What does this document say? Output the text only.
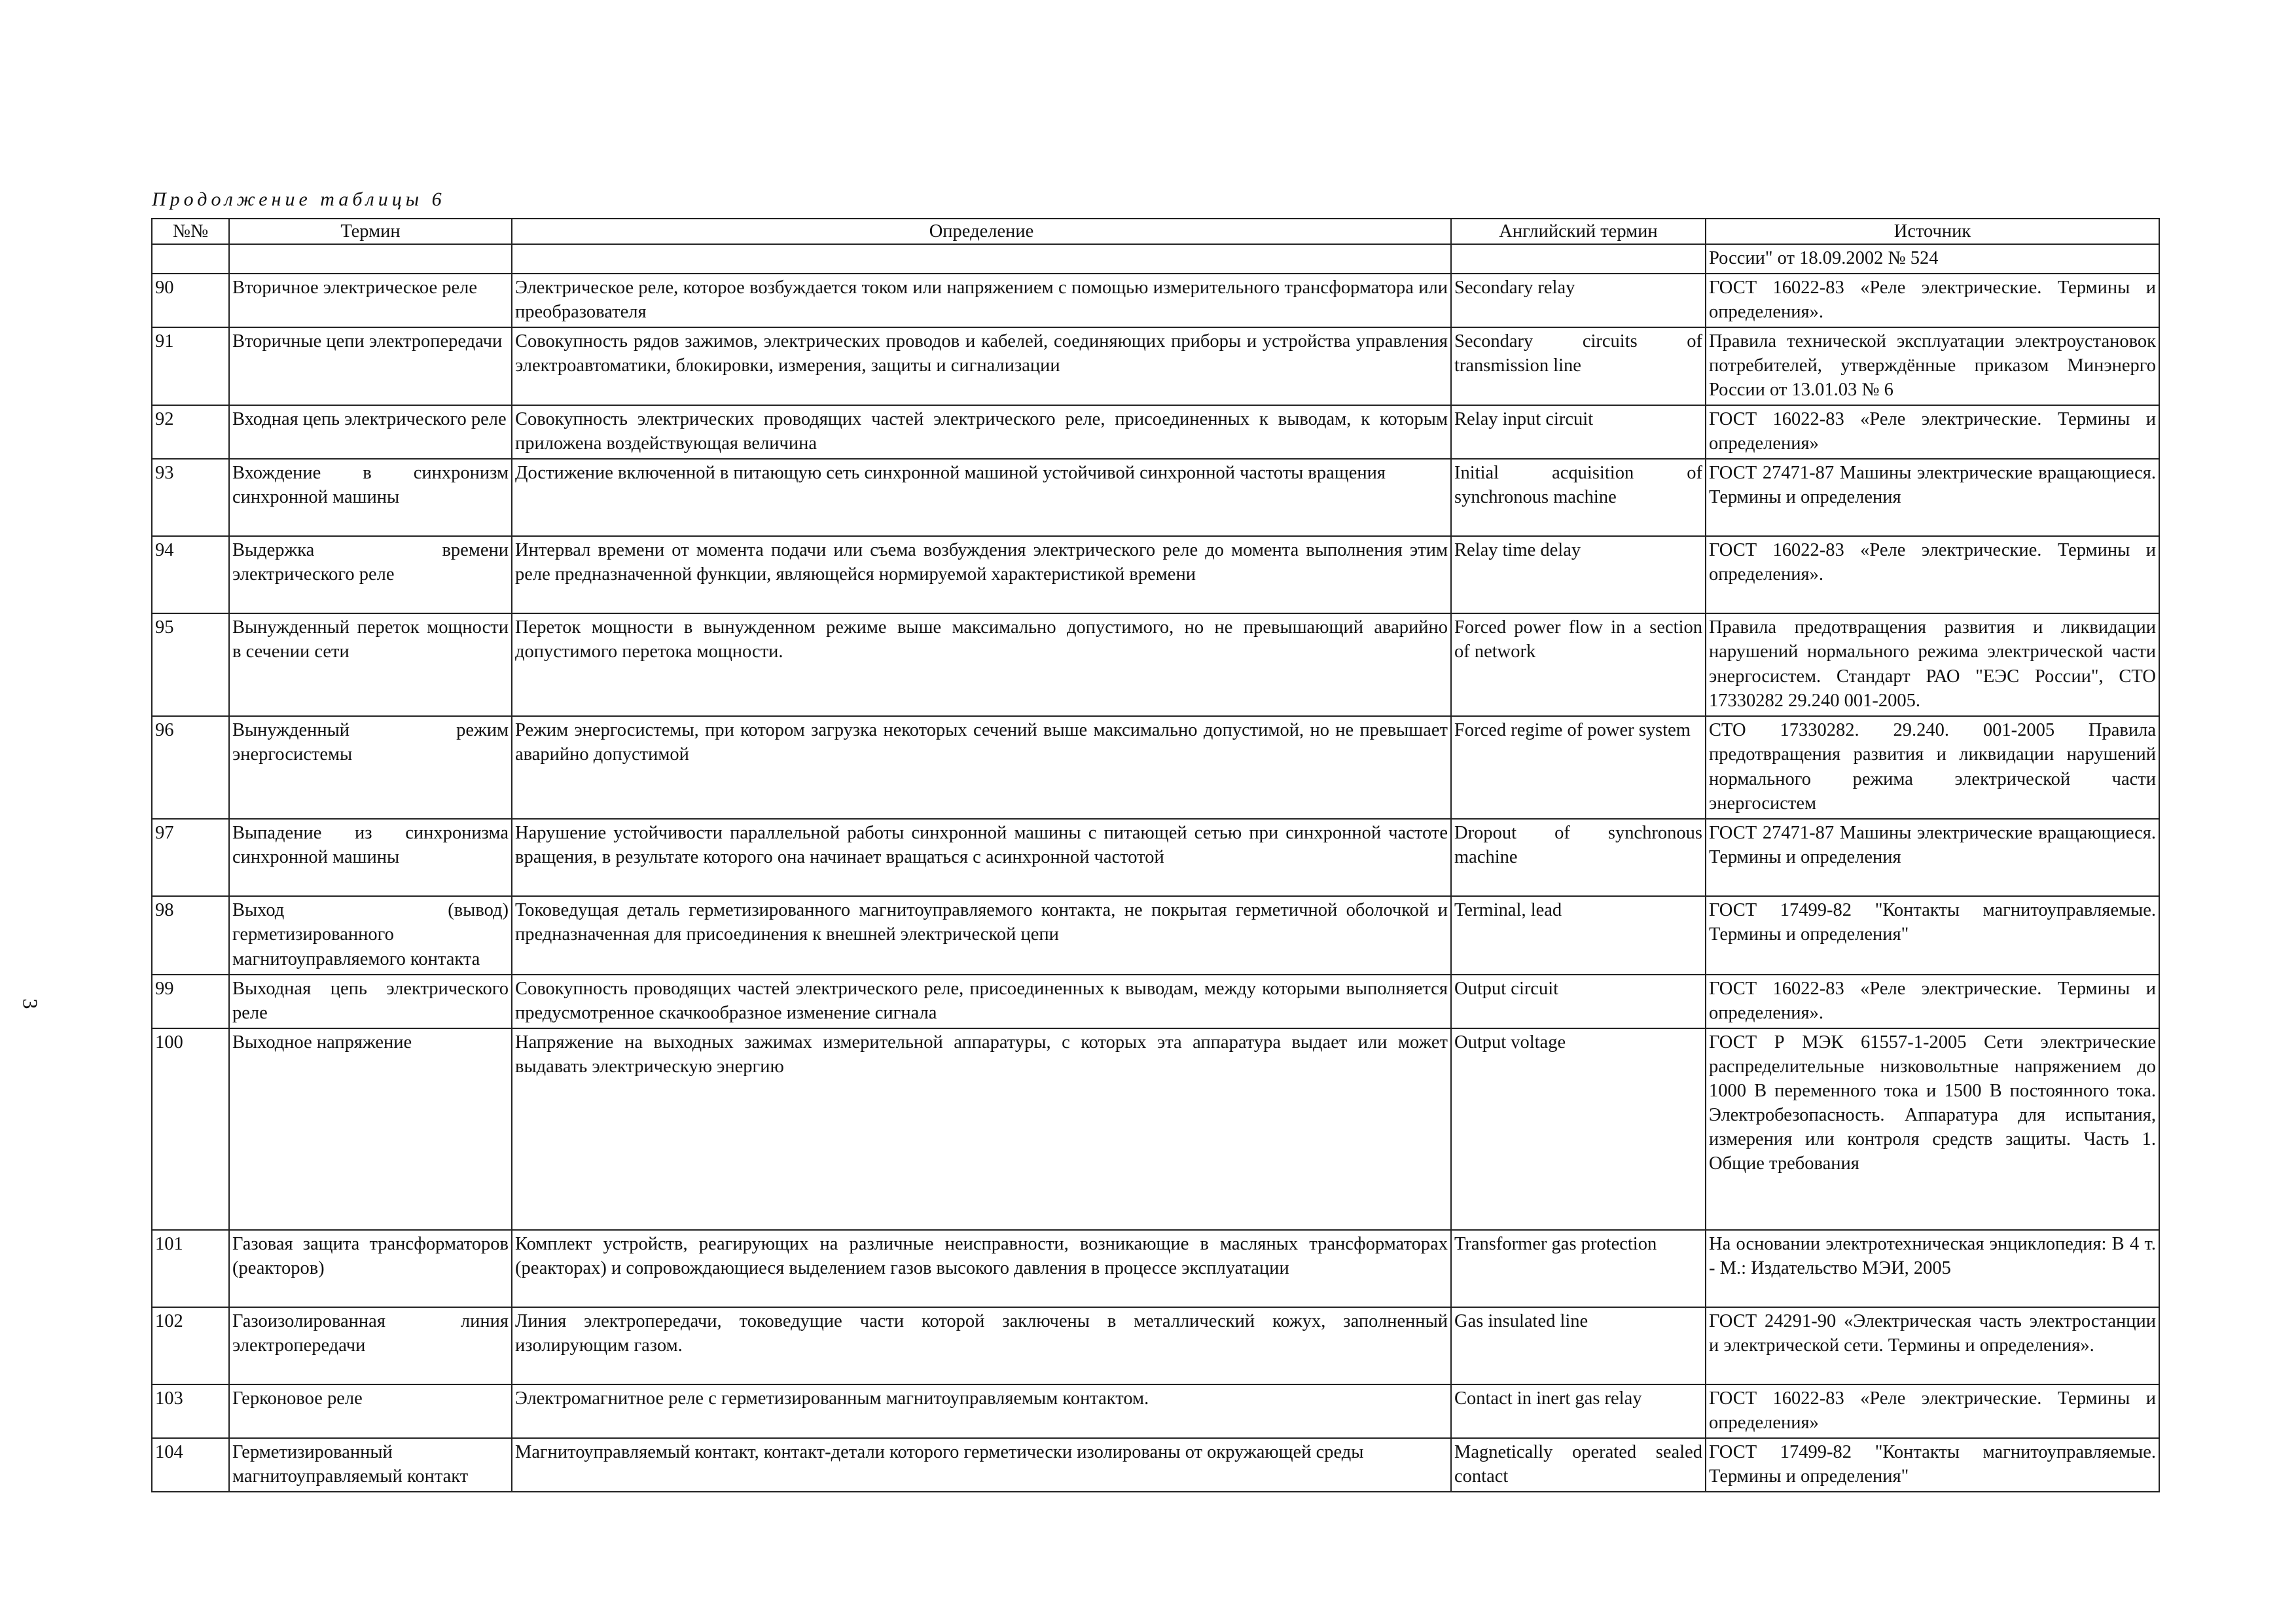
Продолжение таблицы 6
3
№№	Термин	Определение	Английский термин	Источник
				России" от 18.09.2002 № 524
90	Вторичное электрическое реле	Электрическое реле, которое возбуждается током или напряжением с помощью измерительного трансформатора или преобразователя	Secondary relay	ГОСТ 16022-83 «Реле электрические. Термины и определения».
91	Вторичные цепи электропередачи	Совокупность рядов зажимов, электрических проводов и кабелей, соединяющих приборы и устройства управления электроавтоматики, блокировки, измерения, защиты и сигнализации	Secondary circuits of transmission line	Правила технической эксплуатации электроустановок потребителей, утверждённые приказом Минэнерго России от 13.01.03 № 6
92	Входная цепь электрического реле	Совокупность электрических проводящих частей электрического реле, присоединенных к выводам, к которым приложена воздействующая величина	Relay input circuit	ГОСТ 16022-83 «Реле электрические. Термины и определения»
93	Вхождение в синхронизм синхронной машины	Достижение включенной в питающую сеть синхронной машиной устойчивой синхронной частоты вращения	Initial acquisition of synchronous machine	ГОСТ 27471-87 Машины электрические вращающиеся. Термины и определения
94	Выдержка времени электрического реле	Интервал времени от момента подачи или съема возбуждения электрического реле до момента выполнения этим реле предназначенной функции, являющейся нормируемой характеристикой времени	Relay time delay	ГОСТ 16022-83 «Реле электрические. Термины и определения».
95	Вынужденный переток мощности в сечении сети	Переток мощности в вынужденном режиме выше максимально допустимого, но не превышающий аварийно допустимого перетока мощности.	Forced power flow in a section of network	Правила предотвращения развития и ликвидации нарушений нормального режима электрической части энергосистем. Стандарт РАО "ЕЭС России", СТО 17330282 29.240 001-2005.
96	Вынужденный режим энергосистемы	Режим энергосистемы, при котором загрузка некоторых сечений выше максимально допустимой, но не превышает аварийно допустимой	Forced regime of power system	СТО 17330282. 29.240. 001-2005 Правила предотвращения развития и ликвидации нарушений нормального режима электрической части энергосистем
97	Выпадение из синхронизма синхронной машины	Нарушение устойчивости параллельной работы синхронной машины с питающей сетью при синхронной частоте вращения, в результате которого она начинает вращаться с асинхронной частотой	Dropout of synchronous machine	ГОСТ 27471-87 Машины электрические вращающиеся. Термины и определения
98	Выход (вывод) герметизированного магнитоуправляемого контакта	Токоведущая деталь герметизированного магнитоуправляемого контакта, не покрытая герметичной оболочкой и предназначенная для присоединения к внешней электрической цепи	Terminal, lead	ГОСТ 17499-82 "Контакты магнитоуправляемые. Термины и определения"
99	Выходная цепь электрического реле	Совокупность проводящих частей электрического реле, присоединенных к выводам, между которыми выполняется предусмотренное скачкообразное изменение сигнала	Output circuit	ГОСТ 16022-83 «Реле электрические. Термины и определения».
100	Выходное напряжение	Напряжение на выходных зажимах измерительной аппаратуры, с которых эта аппаратура выдает или может выдавать электрическую энергию	Output voltage	ГОСТ Р МЭК 61557-1-2005 Сети электрические распределительные низковольтные напряжением до 1000 В переменного тока и 1500 В постоянного тока. Электробезопасность. Аппаратура для испытания, измерения или контроля средств защиты. Часть 1. Общие требования
101	Газовая защита трансформаторов (реакторов)	Комплект устройств, реагирующих на различные неисправности, возникающие в масляных трансформаторах (реакторах) и сопровождающиеся выделением газов высокого давления в процессе эксплуатации	Transformer gas protection	На основании электротехническая энциклопедия: В 4 т. - М.: Издательство МЭИ, 2005
102	Газоизолированная линия электропередачи	Линия электропередачи, токоведущие части которой заключены в металлический кожух, заполненный изолирующим газом.	Gas insulated line	ГОСТ 24291-90 «Электрическая часть электростанции и электрической сети. Термины и определения».
103	Герконовое реле	Электромагнитное реле с герметизированным магнитоуправляемым контактом.	Contact in inert gas relay	ГОСТ 16022-83 «Реле электрические. Термины и определения»
104	Герметизированный магнитоуправляемый контакт	Магнитоуправляемый контакт, контакт-детали которого герметически изолированы от окружающей среды	Magnetically operated sealed contact	ГОСТ 17499-82 "Контакты магнитоуправляемые. Термины и определения"
